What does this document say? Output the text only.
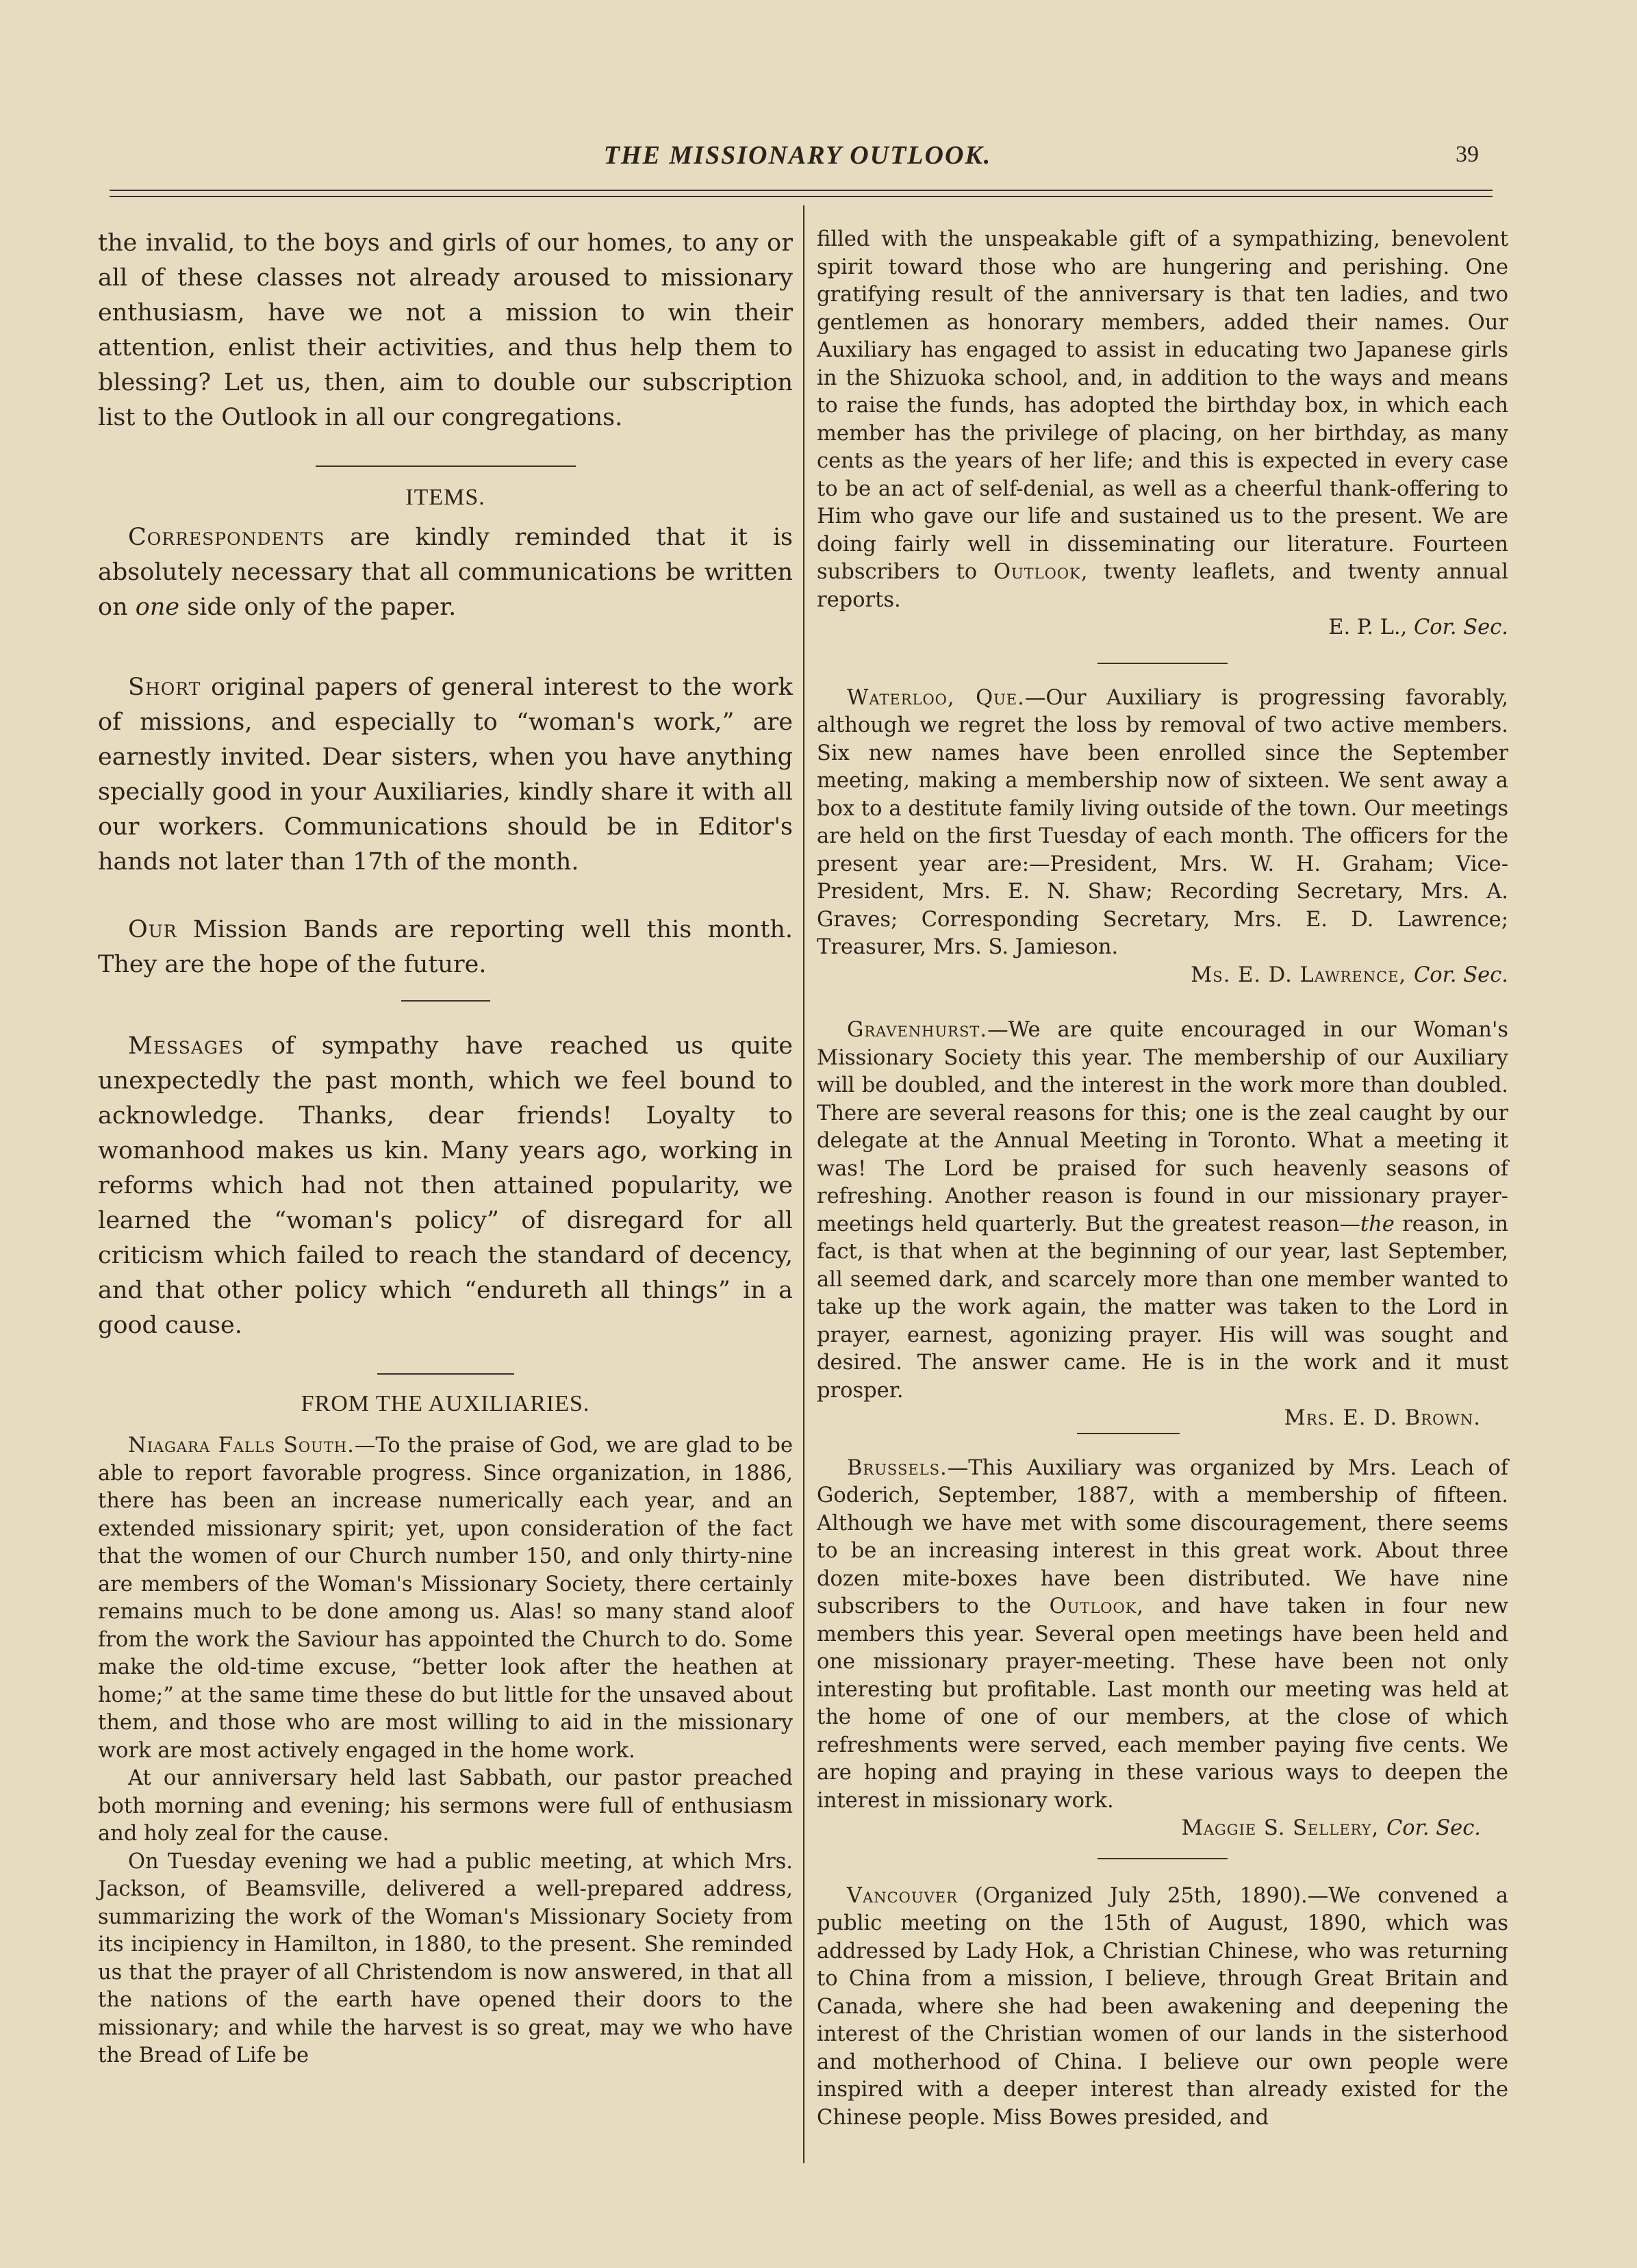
THE MISSIONARY OUTLOOK.	39

the invalid, to the boys and girls of our homes, to any or all of these classes not already aroused to missionary enthusiasm, have we not a mission to win their attention, enlist their activities, and thus help them to blessing? Let us, then, aim to double our subscription list to the Outlook in all our congregations.

ITEMS.

Correspondents are kindly reminded that it is absolutely necessary that all communications be written on one side only of the paper.

Short original papers of general interest to the work of missions, and especially to “woman's work,” are earnestly invited. Dear sisters, when you have anything specially good in your Auxiliaries, kindly share it with all our workers. Communications should be in Editor's hands not later than 17th of the month.

Our Mission Bands are reporting well this month. They are the hope of the future.

Messages of sympathy have reached us quite unexpectedly the past month, which we feel bound to acknowledge. Thanks, dear friends! Loyalty to womanhood makes us kin. Many years ago, working in reforms which had not then attained popularity, we learned the “woman's policy” of disregard for all criticism which failed to reach the standard of decency, and that other policy which “endureth all things” in a good cause.

FROM THE AUXILIARIES.

Niagara Falls South.—To the praise of God, we are glad to be able to report favorable progress. Since organization, in 1886, there has been an increase numerically each year, and an extended missionary spirit; yet, upon consideration of the fact that the women of our Church number 150, and only thirty-nine are members of the Woman's Missionary Society, there certainly remains much to be done among us. Alas! so many stand aloof from the work the Saviour has appointed the Church to do. Some make the old-time excuse, “better look after the heathen at home;” at the same time these do but little for the unsaved about them, and those who are most willing to aid in the missionary work are most actively engaged in the home work.

At our anniversary held last Sabbath, our pastor preached both morning and evening; his sermons were full of enthusiasm and holy zeal for the cause.

On Tuesday evening we had a public meeting, at which Mrs. Jackson, of Beamsville, delivered a well-prepared address, summarizing the work of the Woman's Missionary Society from its incipiency in Hamilton, in 1880, to the present. She reminded us that the prayer of all Christendom is now answered, in that all the nations of the earth have opened their doors to the missionary; and while the harvest is so great, may we who have the Bread of Life be

filled with the unspeakable gift of a sympathizing, benevolent spirit toward those who are hungering and perishing. One gratifying result of the anniversary is that ten ladies, and two gentlemen as honorary members, added their names. Our Auxiliary has engaged to assist in educating two Japanese girls in the Shizuoka school, and, in addition to the ways and means to raise the funds, has adopted the birthday box, in which each member has the privilege of placing, on her birthday, as many cents as the years of her life; and this is expected in every case to be an act of self-denial, as well as a cheerful thank-offering to Him who gave our life and sustained us to the present. We are doing fairly well in disseminating our literature. Fourteen subscribers to Outlook, twenty leaflets, and twenty annual reports.

E. P. L., Cor. Sec.

Waterloo, Que.—Our Auxiliary is progressing favorably, although we regret the loss by removal of two active members. Six new names have been enrolled since the September meeting, making a membership now of sixteen. We sent away a box to a destitute family living outside of the town. Our meetings are held on the first Tuesday of each month. The officers for the present year are:—President, Mrs. W. H. Graham; Vice-President, Mrs. E. N. Shaw; Recording Secretary, Mrs. A. Graves; Corresponding Secretary, Mrs. E. D. Lawrence; Treasurer, Mrs. S. Jamieson.

Ms. E. D. Lawrence, Cor. Sec.

Gravenhurst.—We are quite encouraged in our Woman's Missionary Society this year. The membership of our Auxiliary will be doubled, and the interest in the work more than doubled. There are several reasons for this; one is the zeal caught by our delegate at the Annual Meeting in Toronto. What a meeting it was! The Lord be praised for such heavenly seasons of refreshing. Another reason is found in our missionary prayer-meetings held quarterly. But the greatest reason—the reason, in fact, is that when at the beginning of our year, last September, all seemed dark, and scarcely more than one member wanted to take up the work again, the matter was taken to the Lord in prayer, earnest, agonizing prayer. His will was sought and desired. The answer came. He is in the work and it must prosper.

Mrs. E. D. Brown.

Brussels.—This Auxiliary was organized by Mrs. Leach of Goderich, September, 1887, with a membership of fifteen. Although we have met with some discouragement, there seems to be an increasing interest in this great work. About three dozen mite-boxes have been distributed. We have nine subscribers to the Outlook, and have taken in four new members this year. Several open meetings have been held and one missionary prayer-meeting. These have been not only interesting but profitable. Last month our meeting was held at the home of one of our members, at the close of which refreshments were served, each member paying five cents. We are hoping and praying in these various ways to deepen the interest in missionary work.

Maggie S. Sellery, Cor. Sec.

Vancouver (Organized July 25th, 1890).—We convened a public meeting on the 15th of August, 1890, which was addressed by Lady Hok, a Christian Chinese, who was returning to China from a mission, I believe, through Great Britain and Canada, where she had been awakening and deepening the interest of the Christian women of our lands in the sisterhood and motherhood of China. I believe our own people were inspired with a deeper interest than already existed for the Chinese people. Miss Bowes presided, and
